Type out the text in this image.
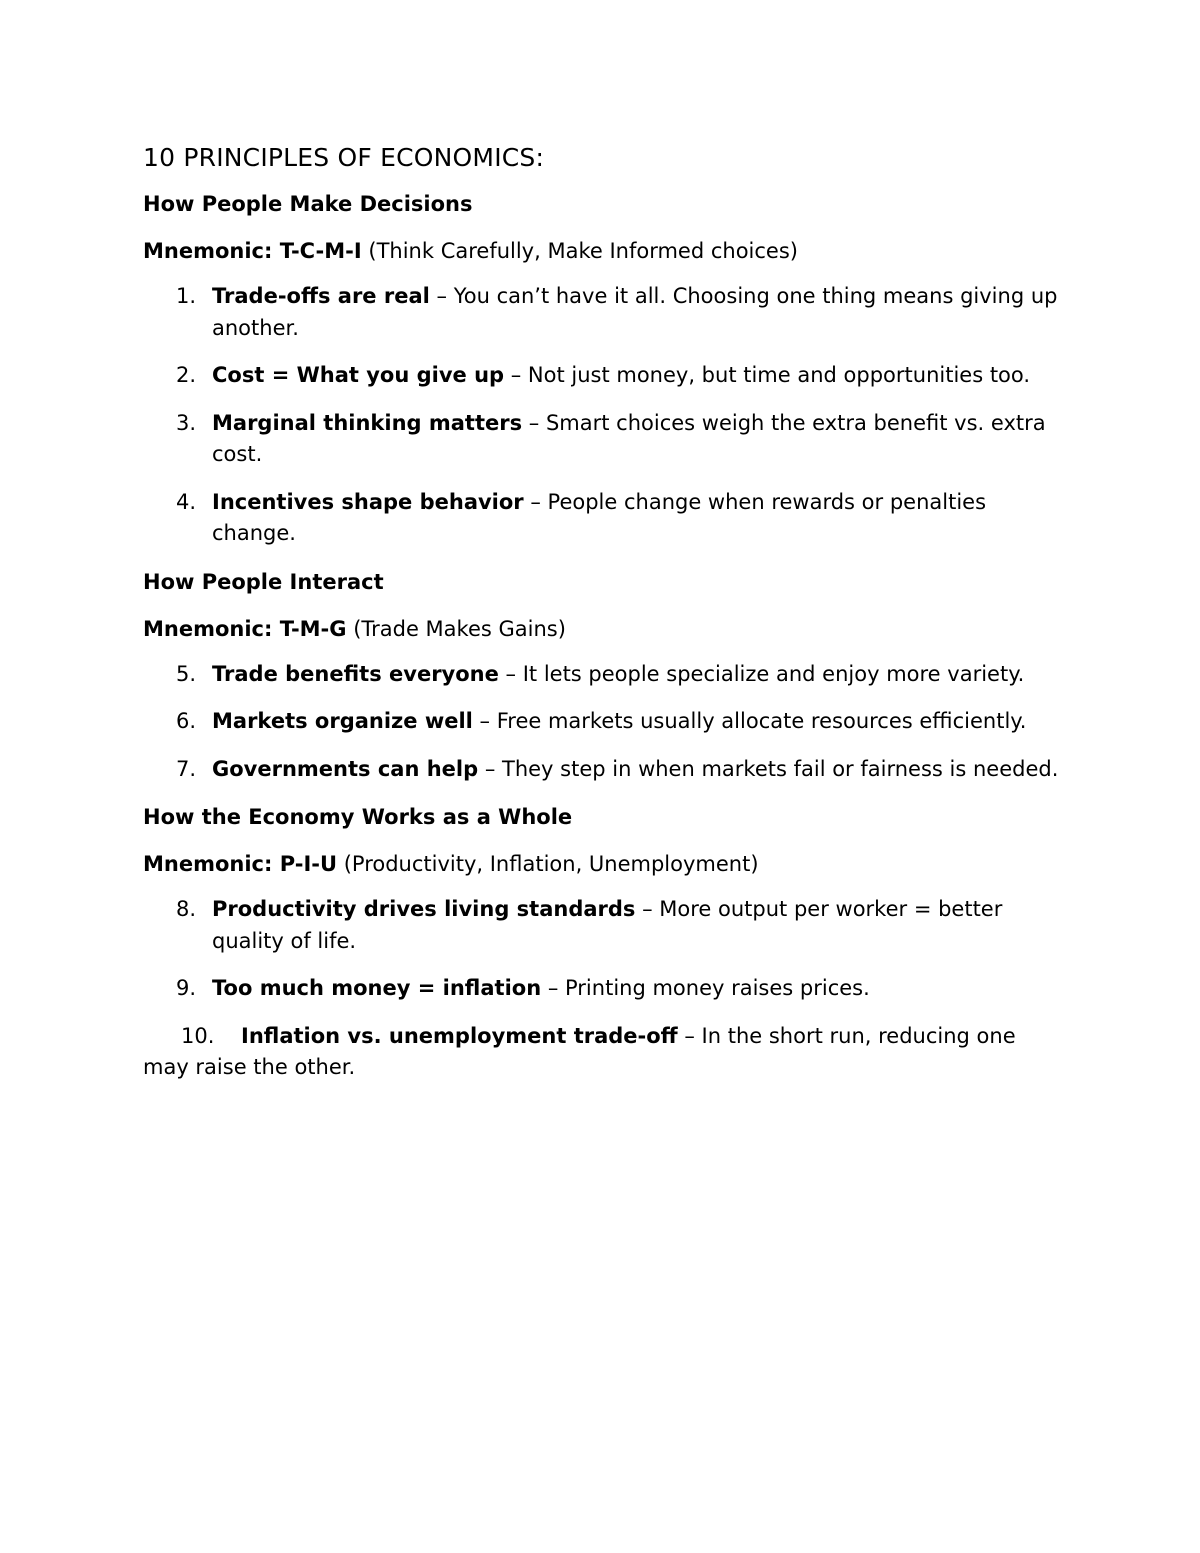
10 PRINCIPLES OF ECONOMICS:
How People Make Decisions
Mnemonic: T-C-M-I (Think Carefully, Make Informed choices)
1. Trade-offs are real – You can’t have it all. Choosing one thing means giving up another.
2. Cost = What you give up – Not just money, but time and opportunities too.
3. Marginal thinking matters – Smart choices weigh the extra benefit vs. extra cost.
4. Incentives shape behavior – People change when rewards or penalties change.
How People Interact
Mnemonic: T-M-G (Trade Makes Gains)
5. Trade benefits everyone – It lets people specialize and enjoy more variety.
6. Markets organize well – Free markets usually allocate resources efficiently.
7. Governments can help – They step in when markets fail or fairness is needed.
How the Economy Works as a Whole
Mnemonic: P-I-U (Productivity, Inflation, Unemployment)
8. Productivity drives living standards – More output per worker = better quality of life.
9. Too much money = inflation – Printing money raises prices.
10. Inflation vs. unemployment trade-off – In the short run, reducing one may raise the other.
